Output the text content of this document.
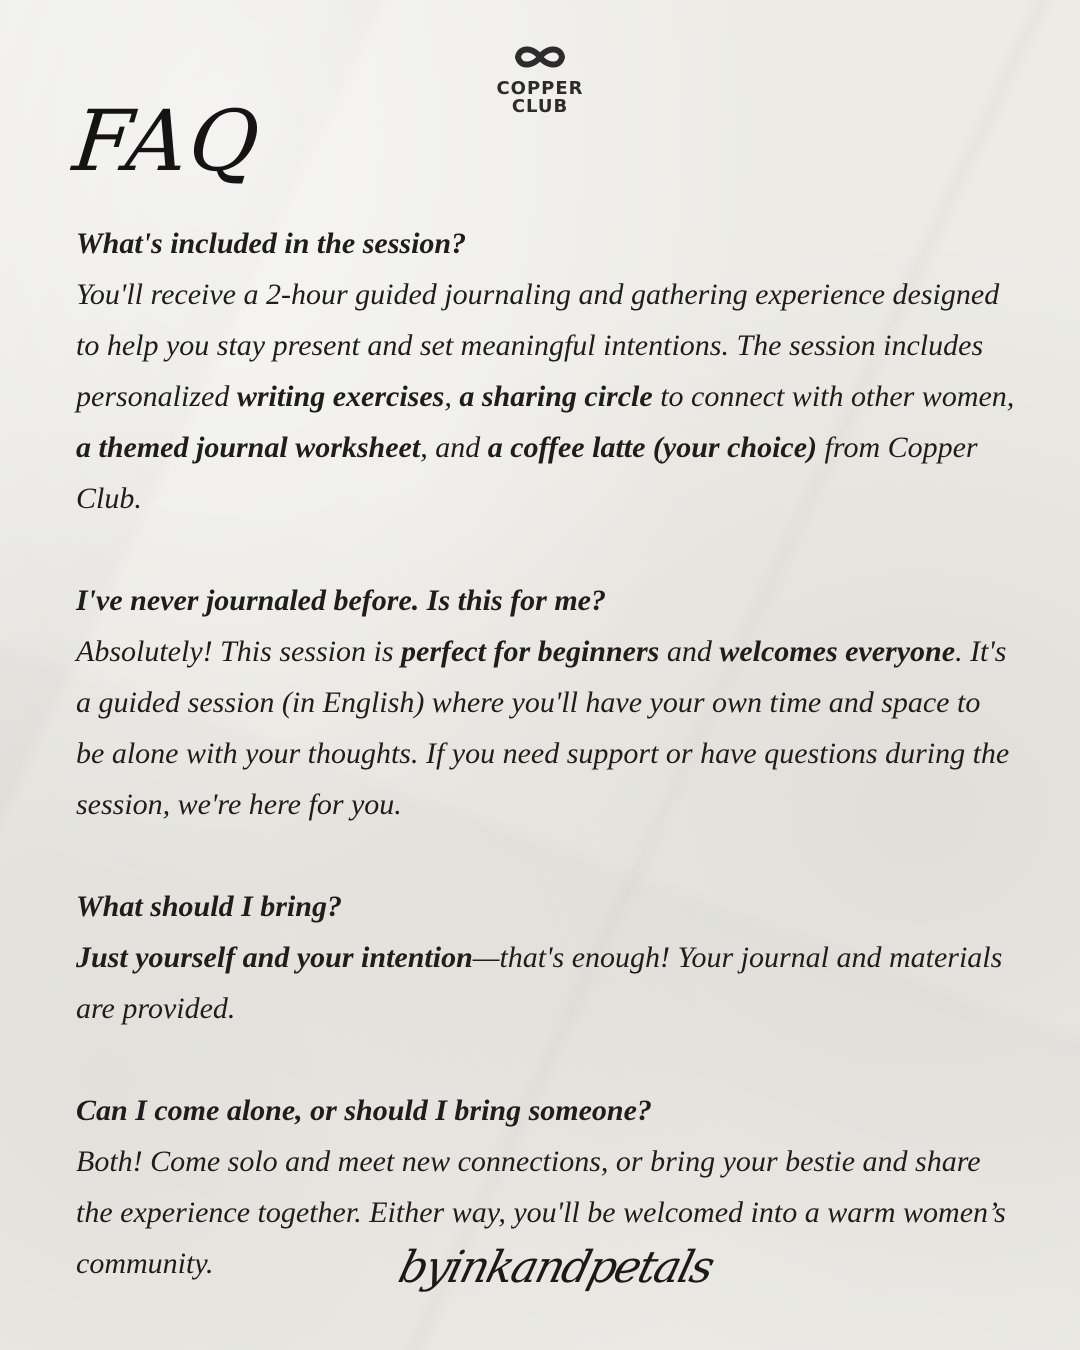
COPPER
CLUB
FAQ

What's included in the session?

You'll receive a 2-hour guided journaling and gathering experience designed to help you stay present and set meaningful intentions. The session includes personalized writing exercises, a sharing circle to connect with other women, a themed journal worksheet, and a coffee latte (your choice) from Copper Club.

I've never journaled before. Is this for me?

Absolutely! This session is perfect for beginners and welcomes everyone. It's a guided session (in English) where you'll have your own time and space to be alone with your thoughts. If you need support or have questions during the session, we're here for you.

What should I bring?

Just yourself and your intention—that's enough! Your journal and materials are provided.

Can I come alone, or should I bring someone?

Both! Come solo and meet new connections, or bring your bestie and share the experience together. Either way, you'll be welcomed into a warm women’s community.	byinkandpetals
